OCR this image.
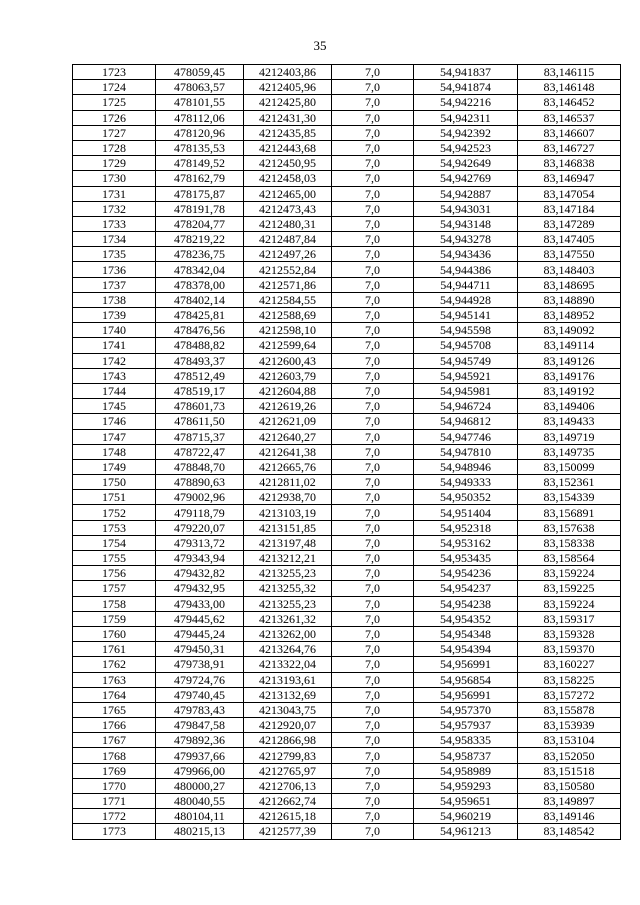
35
1723	478059,45	4212403,86	7,0	54,941837	83,146115
1724	478063,57	4212405,96	7,0	54,941874	83,146148
1725	478101,55	4212425,80	7,0	54,942216	83,146452
1726	478112,06	4212431,30	7,0	54,942311	83,146537
1727	478120,96	4212435,85	7,0	54,942392	83,146607
1728	478135,53	4212443,68	7,0	54,942523	83,146727
1729	478149,52	4212450,95	7,0	54,942649	83,146838
1730	478162,79	4212458,03	7,0	54,942769	83,146947
1731	478175,87	4212465,00	7,0	54,942887	83,147054
1732	478191,78	4212473,43	7,0	54,943031	83,147184
1733	478204,77	4212480,31	7,0	54,943148	83,147289
1734	478219,22	4212487,84	7,0	54,943278	83,147405
1735	478236,75	4212497,26	7,0	54,943436	83,147550
1736	478342,04	4212552,84	7,0	54,944386	83,148403
1737	478378,00	4212571,86	7,0	54,944711	83,148695
1738	478402,14	4212584,55	7,0	54,944928	83,148890
1739	478425,81	4212588,69	7,0	54,945141	83,148952
1740	478476,56	4212598,10	7,0	54,945598	83,149092
1741	478488,82	4212599,64	7,0	54,945708	83,149114
1742	478493,37	4212600,43	7,0	54,945749	83,149126
1743	478512,49	4212603,79	7,0	54,945921	83,149176
1744	478519,17	4212604,88	7,0	54,945981	83,149192
1745	478601,73	4212619,26	7,0	54,946724	83,149406
1746	478611,50	4212621,09	7,0	54,946812	83,149433
1747	478715,37	4212640,27	7,0	54,947746	83,149719
1748	478722,47	4212641,38	7,0	54,947810	83,149735
1749	478848,70	4212665,76	7,0	54,948946	83,150099
1750	478890,63	4212811,02	7,0	54,949333	83,152361
1751	479002,96	4212938,70	7,0	54,950352	83,154339
1752	479118,79	4213103,19	7,0	54,951404	83,156891
1753	479220,07	4213151,85	7,0	54,952318	83,157638
1754	479313,72	4213197,48	7,0	54,953162	83,158338
1755	479343,94	4213212,21	7,0	54,953435	83,158564
1756	479432,82	4213255,23	7,0	54,954236	83,159224
1757	479432,95	4213255,32	7,0	54,954237	83,159225
1758	479433,00	4213255,23	7,0	54,954238	83,159224
1759	479445,62	4213261,32	7,0	54,954352	83,159317
1760	479445,24	4213262,00	7,0	54,954348	83,159328
1761	479450,31	4213264,76	7,0	54,954394	83,159370
1762	479738,91	4213322,04	7,0	54,956991	83,160227
1763	479724,76	4213193,61	7,0	54,956854	83,158225
1764	479740,45	4213132,69	7,0	54,956991	83,157272
1765	479783,43	4213043,75	7,0	54,957370	83,155878
1766	479847,58	4212920,07	7,0	54,957937	83,153939
1767	479892,36	4212866,98	7,0	54,958335	83,153104
1768	479937,66	4212799,83	7,0	54,958737	83,152050
1769	479966,00	4212765,97	7,0	54,958989	83,151518
1770	480000,27	4212706,13	7,0	54,959293	83,150580
1771	480040,55	4212662,74	7,0	54,959651	83,149897
1772	480104,11	4212615,18	7,0	54,960219	83,149146
1773	480215,13	4212577,39	7,0	54,961213	83,148542
